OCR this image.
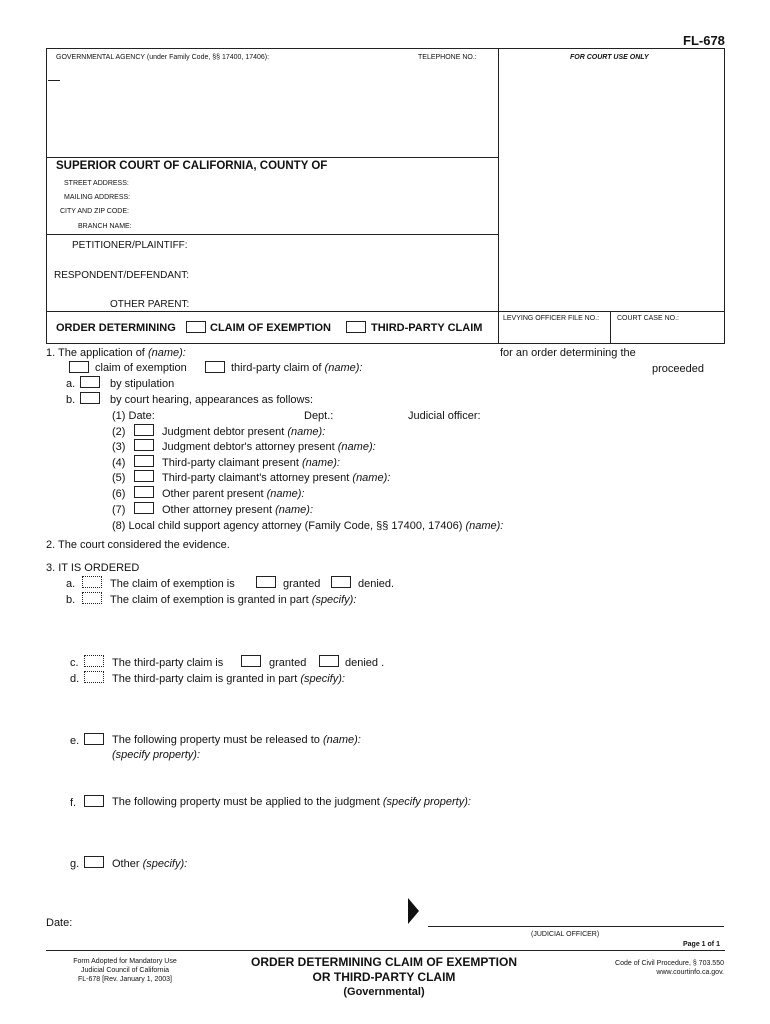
FL-678
GOVERNMENTAL AGENCY (under Family Code, §§ 17400, 17406):	TELEPHONE NO.:	FOR COURT USE ONLY
SUPERIOR COURT OF CALIFORNIA, COUNTY OF
STREET ADDRESS:
MAILING ADDRESS:
CITY AND ZIP CODE:
BRANCH NAME:
PETITIONER/PLAINTIFF:
RESPONDENT/DEFENDANT:
OTHER PARENT:
LEVYING OFFICER FILE NO.:	COURT CASE NO.:
ORDER DETERMINING	CLAIM OF EXEMPTION	THIRD-PARTY CLAIM
1. The application of (name):	for an order determining the
claim of exemption	third-party claim of (name):	proceeded
a.	by stipulation
b.	by court hearing, appearances as follows:
(1) Date:	Dept.:	Judicial officer:
(2)	Judgment debtor present (name):
(3)	Judgment debtor's attorney present (name):
(4)	Third-party claimant present (name):
(5)	Third-party claimant's attorney present (name):
(6)	Other parent present (name):
(7)	Other attorney present (name):
(8) Local child support agency attorney (Family Code, §§ 17400, 17406) (name):
2. The court considered the evidence.
3. IT IS ORDERED
a.	The claim of exemption is	granted	denied.
b.	The claim of exemption is granted in part (specify):
c.	The third-party claim is	granted	denied .
d.	The third-party claim is granted in part (specify):
e.	The following property must be released to (name):
(specify property):
f.	The following property must be applied to the judgment (specify property):
g.	Other (specify):
Date:
(JUDICIAL OFFICER)
Page 1 of 1
Form Adopted for Mandatory Use
Judicial Council of California
FL-678 [Rev. January 1, 2003]
ORDER DETERMINING CLAIM OF EXEMPTION
OR THIRD-PARTY CLAIM
(Governmental)
Code of Civil Procedure, § 703.550
www.courtinfo.ca.gov.
